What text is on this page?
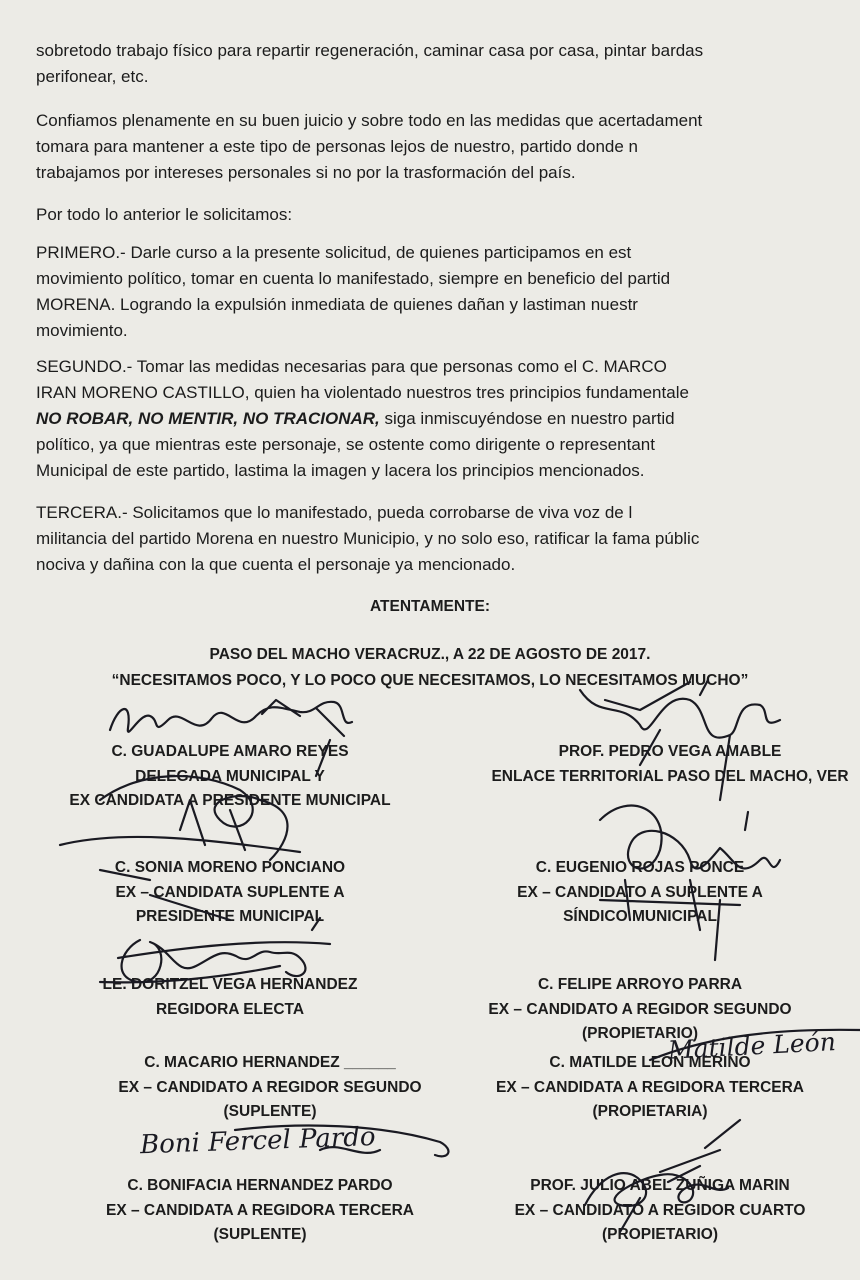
sobretodo trabajo físico para repartir regeneración, caminar casa por casa, pintar bardas
perifonear, etc.
Confiamos plenamente en su buen juicio y sobre todo en las medidas que acertadament
tomara para mantener a este tipo de personas lejos de nuestro, partido donde n
trabajamos por intereses personales si no por la trasformación del país.
Por todo lo anterior le solicitamos:
PRIMERO.- Darle curso a la presente solicitud, de quienes participamos en est
movimiento político, tomar en cuenta lo manifestado, siempre en beneficio del partid
MORENA. Logrando la expulsión inmediata de quienes dañan y lastiman nuestr
movimiento.
SEGUNDO.- Tomar las medidas necesarias para que personas como el C. MARCO
IRAN MORENO CASTILLO, quien ha violentado nuestros tres principios fundamentale
NO ROBAR, NO MENTIR, NO TRACIONAR, siga inmiscuyéndose en nuestro partid
político, ya que mientras este personaje, se ostente como dirigente o representant
Municipal de este partido, lastima la imagen y lacera los principios mencionados.
TERCERA.- Solicitamos que lo manifestado, pueda corrobarse de viva voz de l
militancia del partido Morena en nuestro Municipio, y no solo eso, ratificar la fama públic
nociva y dañina con la que cuenta el personaje ya mencionado.
ATENTAMENTE:
PASO DEL MACHO VERACRUZ., A 22 DE AGOSTO DE 2017.
“NECESITAMOS POCO, Y LO POCO QUE NECESITAMOS, LO NECESITAMOS MUCHO”
C. GUADALUPE AMARO REYES
DELEGADA MUNICIPAL Y
EX CANDIDATA A PRESIDENTE MUNICIPAL
PROF. PEDRO VEGA AMABLE
ENLACE TERRITORIAL PASO DEL MACHO, VER
C. SONIA MORENO PONCIANO
EX – CANDIDATA SUPLENTE A
PRESIDENTE MUNICIPAL
C. EUGENIO ROJAS PONCE
EX – CANDIDATO A SUPLENTE A
SÍNDICO MUNICIPAL
LE. DORITZEL VEGA HERNANDEZ
REGIDORA ELECTA
C. FELIPE ARROYO PARRA
EX – CANDIDATO A REGIDOR SEGUNDO
(PROPIETARIO)
C. MACARIO HERNANDEZ ______
EX – CANDIDATO A REGIDOR SEGUNDO
(SUPLENTE)
C. MATILDE LEON MERINO
EX – CANDIDATA A REGIDORA TERCERA
(PROPIETARIA)
C. BONIFACIA HERNANDEZ PARDO
EX – CANDIDATA A REGIDORA TERCERA
(SUPLENTE)
PROF. JULIO ABEL ZUÑIGA MARIN
EX – CANDIDATO A REGIDOR CUARTO
(PROPIETARIO)
Matilde León
Boni Fercel Pardo
